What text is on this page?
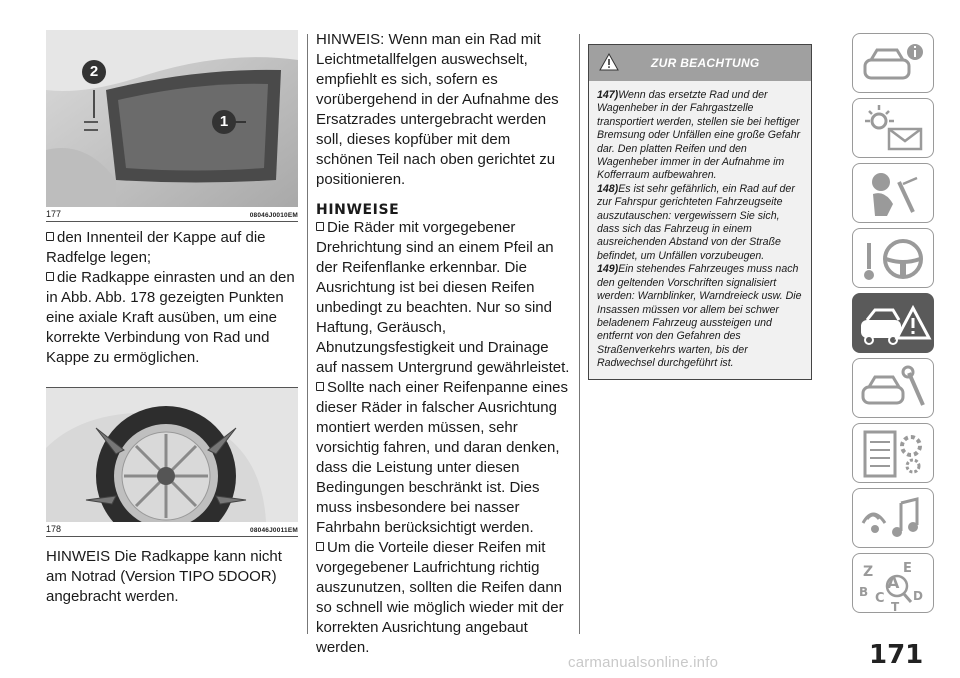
2
1
177	08046J0010EM

den Innenteil der Kappe auf die Radfelge legen;
die Radkappe einrasten und an den in Abb. Abb. 178 gezeigten Punkten eine axiale Kraft ausüben, um eine korrekte Verbindung von Rad und Kappe zu ermöglichen.

178	08046J0011EM

HINWEIS Die Radkappe kann nicht am Notrad (Version TIPO 5DOOR) angebracht werden.

HINWEIS: Wenn man ein Rad mit Leichtmetallfelgen auswechselt, empfiehlt es sich, sofern es vorübergehend in der Aufnahme des Ersatzrades untergebracht werden soll, dieses kopfüber mit dem schönen Teil nach oben gerichtet zu positionieren.

HINWEISE

Die Räder mit vorgegebener Drehrichtung sind an einem Pfeil an der Reifenflanke erkennbar. Die Ausrichtung ist bei diesen Reifen unbedingt zu beachten. Nur so sind Haftung, Geräusch, Abnutzungsfestigkeit und Drainage auf nassem Untergrund gewährleistet.
Sollte nach einer Reifenpanne eines dieser Räder in falscher Ausrichtung montiert werden müssen, sehr vorsichtig fahren, und daran denken, dass die Leistung unter diesen Bedingungen beschränkt ist. Dies muss insbesondere bei nasser Fahrbahn berücksichtigt werden.
Um die Vorteile dieser Reifen mit vorgegebener Laufrichtung richtig auszunutzen, sollten die Reifen dann so schnell wie möglich wieder mit der korrekten Ausrichtung angebaut werden.

ZUR BEACHTUNG

147)Wenn das ersetzte Rad und der Wagenheber in der Fahrgastzelle transportiert werden, stellen sie bei heftiger Bremsung oder Unfällen eine große Gefahr dar. Den platten Reifen und den Wagenheber immer in der Aufnahme im Kofferraum aufbewahren.

148)Es ist sehr gefährlich, ein Rad auf der zur Fahrspur gerichteten Fahrzeugseite auszutauschen: vergewissern Sie sich, dass sich das Fahrzeug in einem ausreichenden Abstand von der Straße befindet, um Unfällen vorzubeugen.

149)Ein stehendes Fahrzeuges muss nach den geltenden Vorschriften signalisiert werden: Warnblinker, Warndreieck usw. Die Insassen müssen vor allem bei schwer beladenem Fahrzeug aussteigen und entfernt von den Gefahren des Straßenverkehrs warten, bis der Radwechsel durchgeführt ist.

Z E
A
B C D
T
171
carmanualsonline.info
